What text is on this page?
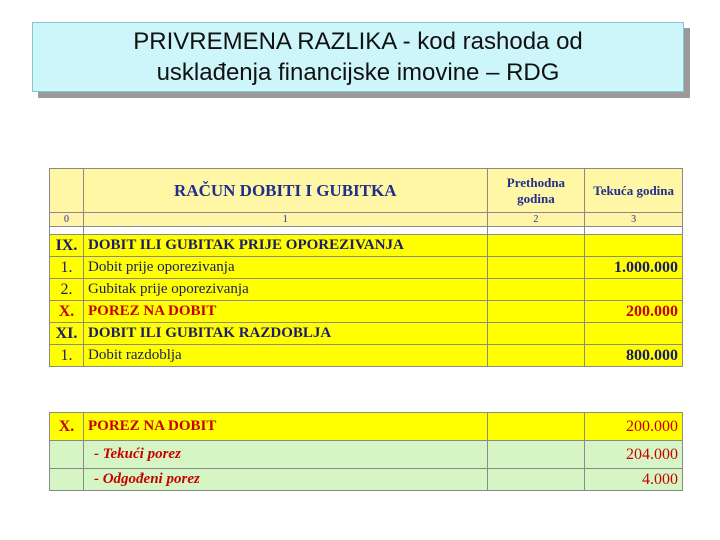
PRIVREMENA RAZLIKA - kod rashoda od
usklađenja financijske imovine – RDG
	RAČUN DOBITI I GUBITKA	Prethodna godina	Tekuća godina
0	1	2	3

IX.	DOBIT ILI GUBITAK PRIJE OPOREZIVANJA		
1.	Dobit prije oporezivanja		1.000.000
2.	Gubitak prije oporezivanja		
X.	POREZ NA DOBIT		200.000
XI.	DOBIT ILI GUBITAK RAZDOBLJA		
1.	Dobit razdoblja		800.000
X.	POREZ NA DOBIT		200.000
	- Tekući porez		204.000
	- Odgođeni porez		4.000
